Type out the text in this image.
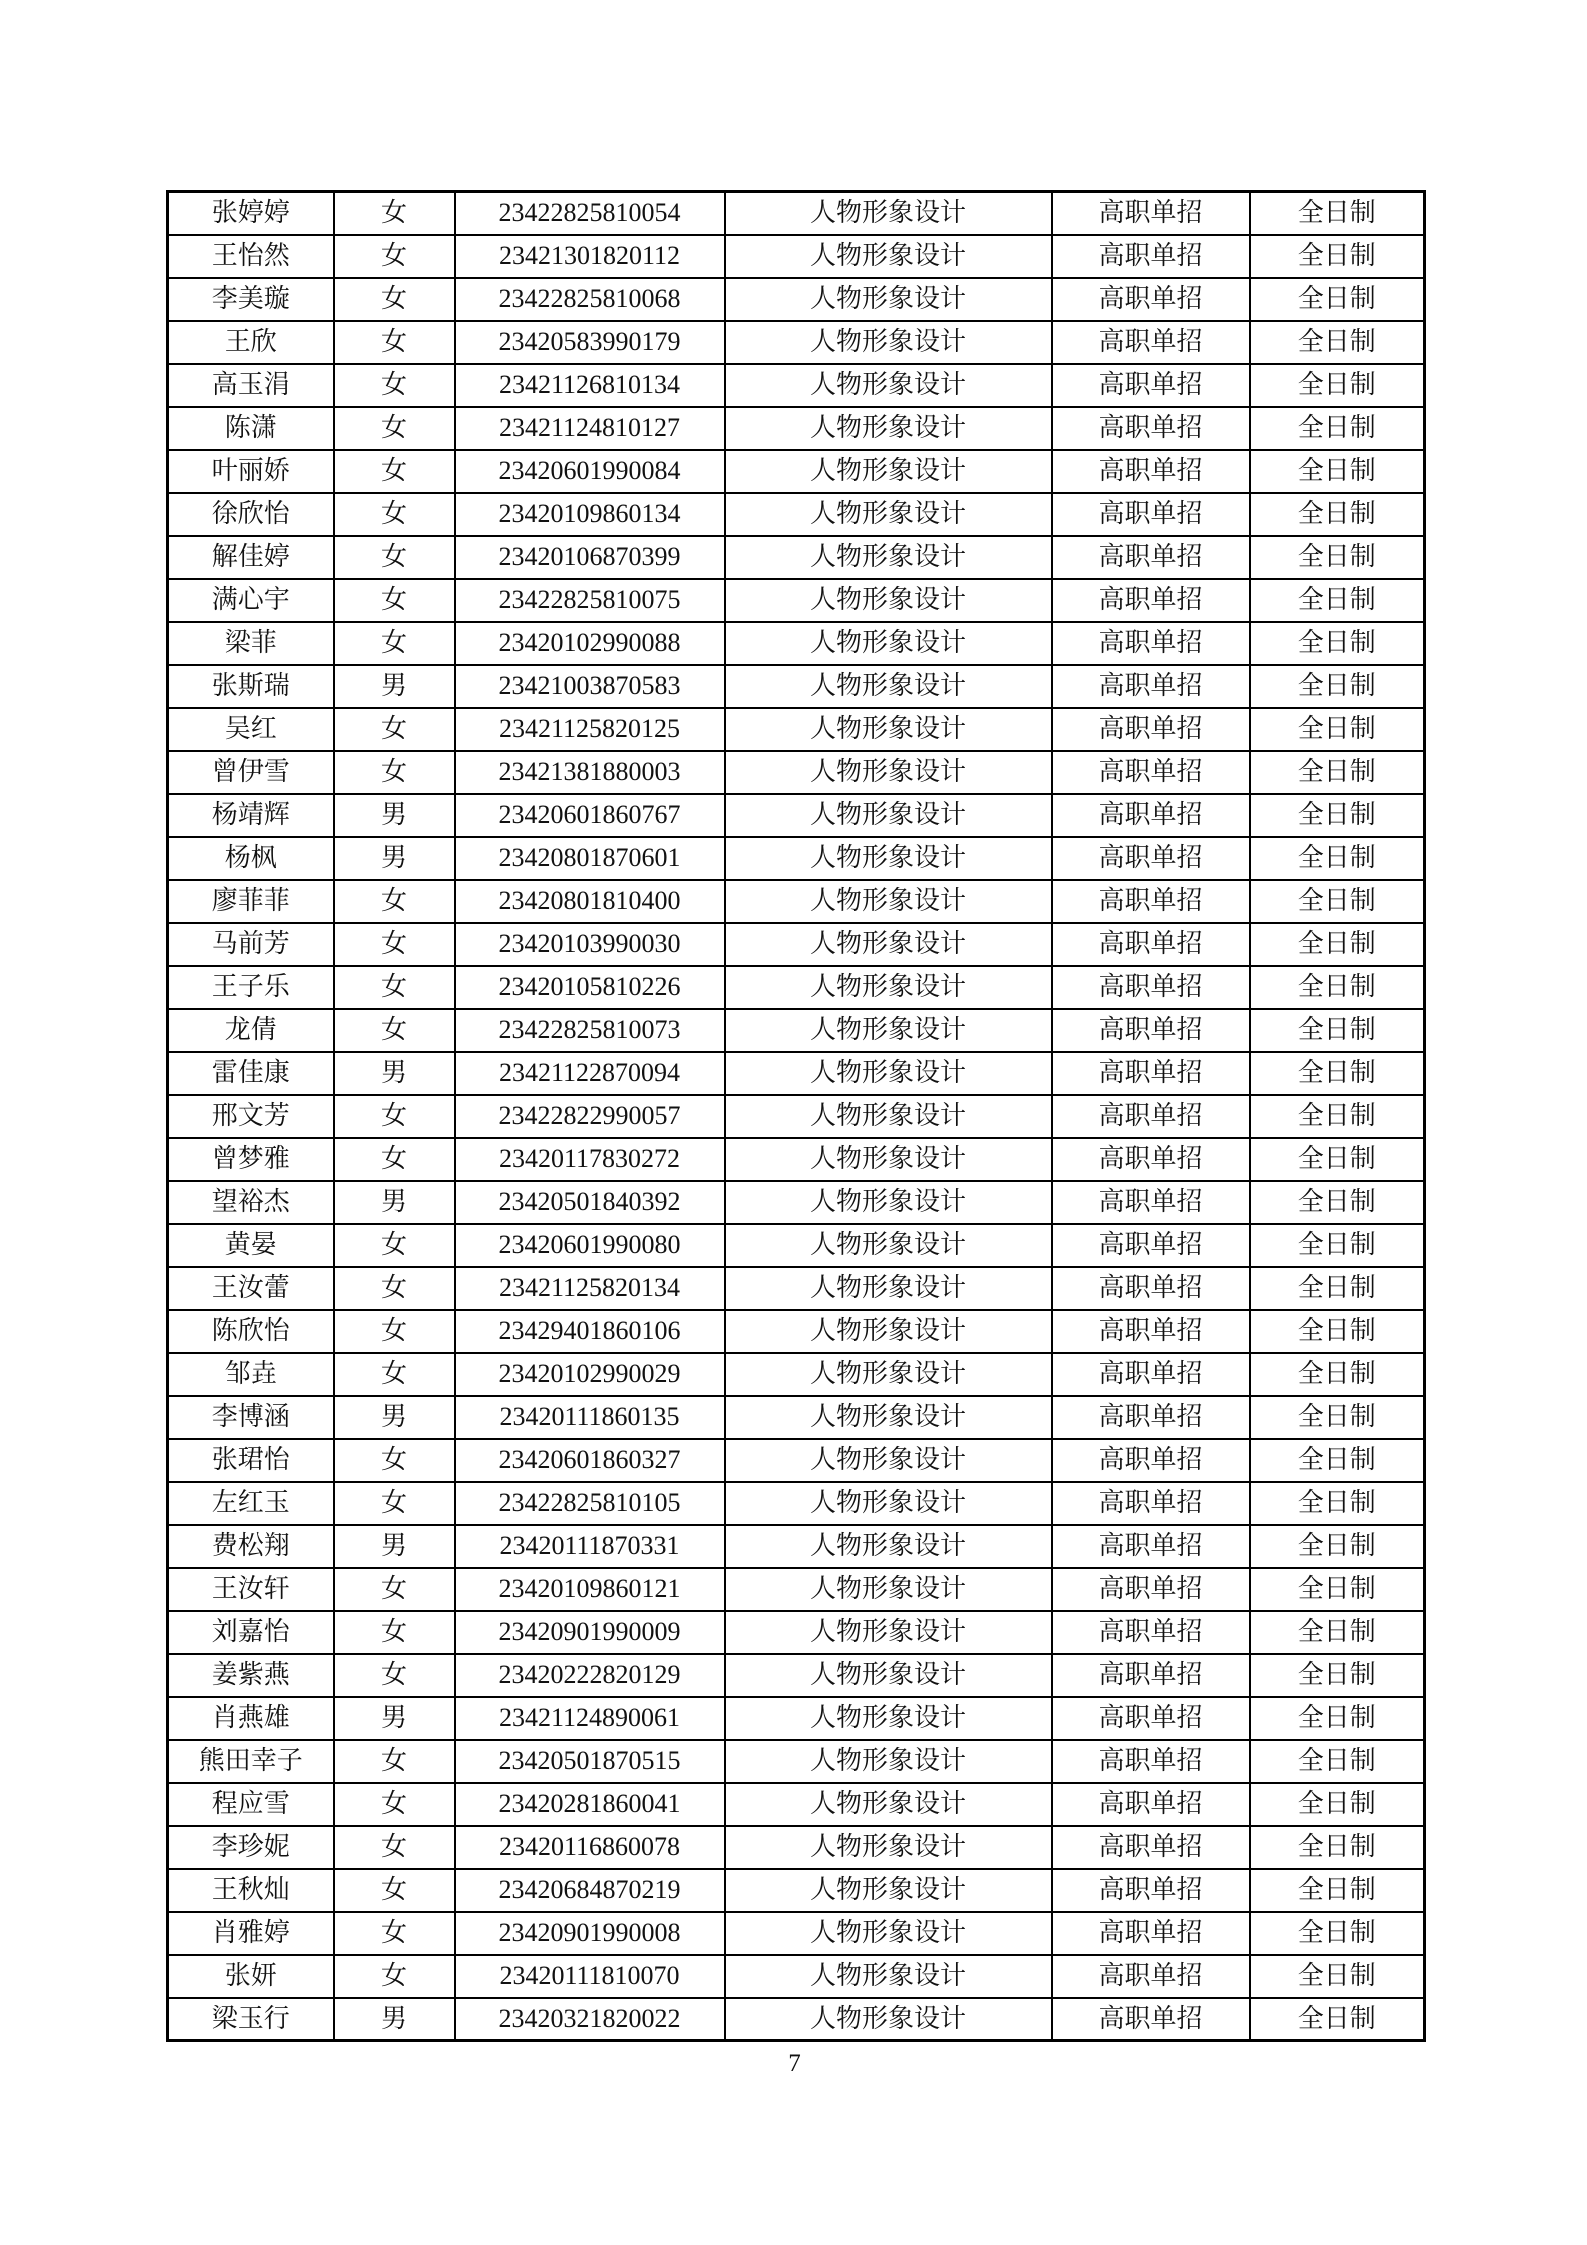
张婷婷	女	23422825810054	人物形象设计	高职单招	全日制
王怡然	女	23421301820112	人物形象设计	高职单招	全日制
李美璇	女	23422825810068	人物形象设计	高职单招	全日制
王欣	女	23420583990179	人物形象设计	高职单招	全日制
高玉涓	女	23421126810134	人物形象设计	高职单招	全日制
陈潇	女	23421124810127	人物形象设计	高职单招	全日制
叶丽娇	女	23420601990084	人物形象设计	高职单招	全日制
徐欣怡	女	23420109860134	人物形象设计	高职单招	全日制
解佳婷	女	23420106870399	人物形象设计	高职单招	全日制
满心宇	女	23422825810075	人物形象设计	高职单招	全日制
梁菲	女	23420102990088	人物形象设计	高职单招	全日制
张斯瑞	男	23421003870583	人物形象设计	高职单招	全日制
吴红	女	23421125820125	人物形象设计	高职单招	全日制
曾伊雪	女	23421381880003	人物形象设计	高职单招	全日制
杨靖辉	男	23420601860767	人物形象设计	高职单招	全日制
杨枫	男	23420801870601	人物形象设计	高职单招	全日制
廖菲菲	女	23420801810400	人物形象设计	高职单招	全日制
马前芳	女	23420103990030	人物形象设计	高职单招	全日制
王子乐	女	23420105810226	人物形象设计	高职单招	全日制
龙倩	女	23422825810073	人物形象设计	高职单招	全日制
雷佳康	男	23421122870094	人物形象设计	高职单招	全日制
邢文芳	女	23422822990057	人物形象设计	高职单招	全日制
曾梦雅	女	23420117830272	人物形象设计	高职单招	全日制
望裕杰	男	23420501840392	人物形象设计	高职单招	全日制
黄晏	女	23420601990080	人物形象设计	高职单招	全日制
王汝蕾	女	23421125820134	人物形象设计	高职单招	全日制
陈欣怡	女	23429401860106	人物形象设计	高职单招	全日制
邹垚	女	23420102990029	人物形象设计	高职单招	全日制
李博涵	男	23420111860135	人物形象设计	高职单招	全日制
张珺怡	女	23420601860327	人物形象设计	高职单招	全日制
左红玉	女	23422825810105	人物形象设计	高职单招	全日制
费松翔	男	23420111870331	人物形象设计	高职单招	全日制
王汝轩	女	23420109860121	人物形象设计	高职单招	全日制
刘嘉怡	女	23420901990009	人物形象设计	高职单招	全日制
姜紫燕	女	23420222820129	人物形象设计	高职单招	全日制
肖燕雄	男	23421124890061	人物形象设计	高职单招	全日制
熊田幸子	女	23420501870515	人物形象设计	高职单招	全日制
程应雪	女	23420281860041	人物形象设计	高职单招	全日制
李珍妮	女	23420116860078	人物形象设计	高职单招	全日制
王秋灿	女	23420684870219	人物形象设计	高职单招	全日制
肖雅婷	女	23420901990008	人物形象设计	高职单招	全日制
张妍	女	23420111810070	人物形象设计	高职单招	全日制
梁玉行	男	23420321820022	人物形象设计	高职单招	全日制
7
